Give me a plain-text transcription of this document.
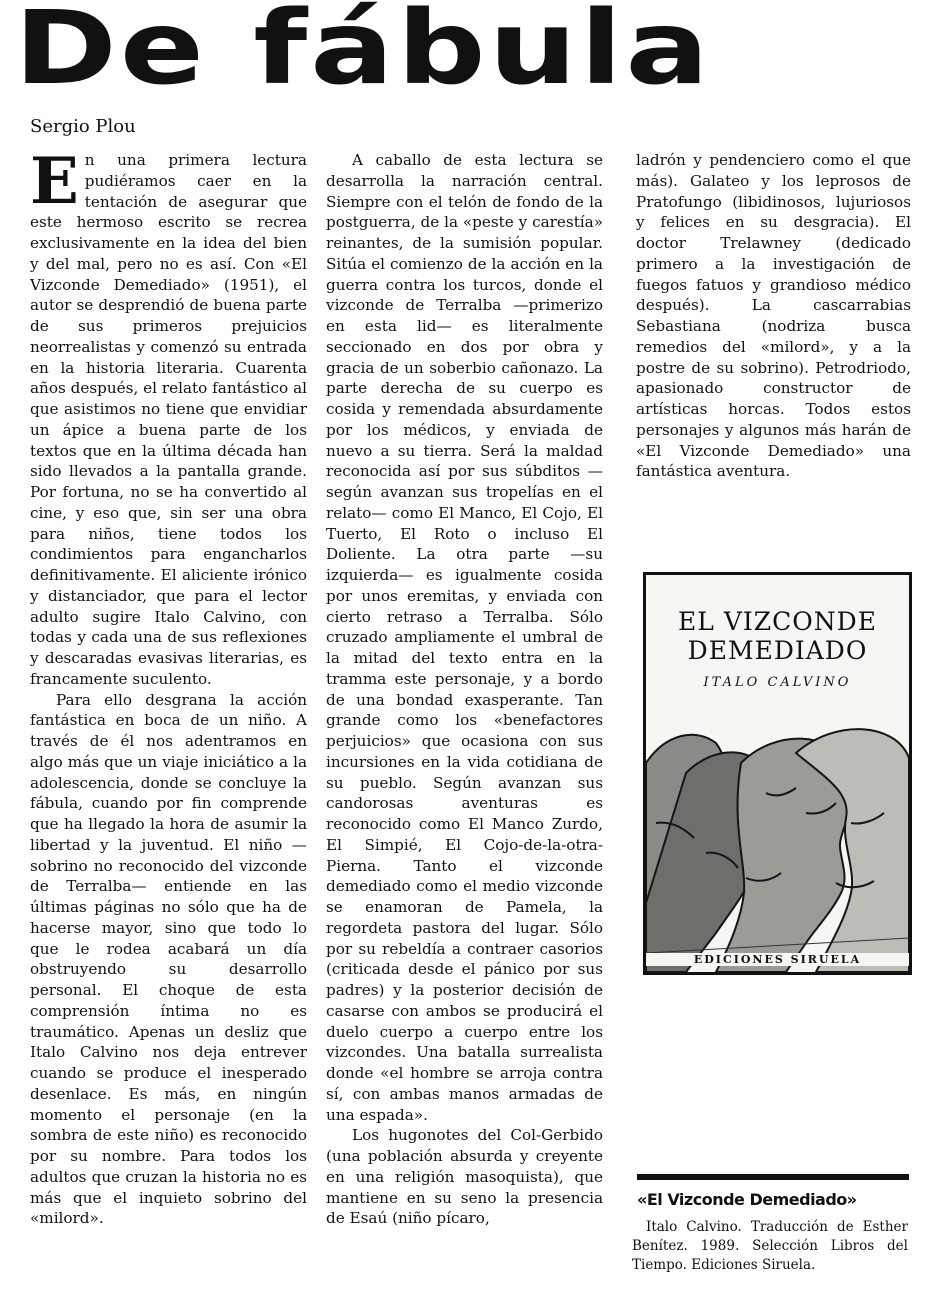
De fábula

Sergio Plou

En una primera lectura pudiéramos caer en la tentación de asegurar que este hermoso escrito se recrea exclusivamente en la idea del bien y del mal, pero no es así. Con «El Vizconde Demediado» (1951), el autor se desprendió de buena parte de sus primeros prejuicios neorrealistas y comenzó su entrada en la historia literaria. Cuarenta años después, el relato fantástico al que asistimos no tiene que envidiar un ápice a buena parte de los textos que en la última década han sido llevados a la pantalla grande. Por fortuna, no se ha convertido al cine, y eso que, sin ser una obra para niños, tiene todos los condimientos para engancharlos definitivamente. El aliciente irónico y distanciador, que para el lector adulto sugire Italo Calvino, con todas y cada una de sus reflexiones y descaradas evasivas literarias, es francamente suculento.

Para ello desgrana la acción fantástica en boca de un niño. A través de él nos adentramos en algo más que un viaje iniciático a la adolescencia, donde se concluye la fábula, cuando por fin comprende que ha llegado la hora de asumir la libertad y la juventud. El niño —sobrino no reconocido del vizconde de Terralba— entiende en las últimas páginas no sólo que ha de hacerse mayor, sino que todo lo que le rodea acabará un día obstruyendo su desarrollo personal. El choque de esta comprensión íntima no es traumático. Apenas un desliz que Italo Calvino nos deja entrever cuando se produce el inesperado desenlace. Es más, en ningún momento el personaje (en la sombra de este niño) es reconocido por su nombre. Para todos los adultos que cruzan la historia no es más que el inquieto sobrino del «milord».

A caballo de esta lectura se desarrolla la narración central. Siempre con el telón de fondo de la postguerra, de la «peste y carestía» reinantes, de la sumisión popular. Sitúa el comienzo de la acción en la guerra contra los turcos, donde el vizconde de Terralba —primerizo en esta lid— es literalmente seccionado en dos por obra y gracia de un soberbio cañonazo. La parte derecha de su cuerpo es cosida y remendada absurdamente por los médicos, y enviada de nuevo a su tierra. Será la maldad reconocida así por sus súbditos —según avanzan sus tropelías en el relato— como El Manco, El Cojo, El Tuerto, El Roto o incluso El Doliente. La otra parte —su izquierda— es igualmente cosida por unos eremitas, y enviada con cierto retraso a Terralba. Sólo cruzado ampliamente el umbral de la mitad del texto entra en la tramma este personaje, y a bordo de una bondad exasperante. Tan grande como los «benefactores perjuicios» que ocasiona con sus incursiones en la vida cotidiana de su pueblo. Según avanzan sus candorosas aventuras es reconocido como El Manco Zurdo, El Simpié, El Cojo-de-la-otra-Pierna. Tanto el vizconde demediado como el medio vizconde se enamoran de Pamela, la regordeta pastora del lugar. Sólo por su rebeldía a contraer casorios (criticada desde el pánico por sus padres) y la posterior decisión de casarse con ambos se producirá el duelo cuerpo a cuerpo entre los vizcondes. Una batalla surrealista donde «el hombre se arroja contra sí, con ambas manos armadas de una espada».

Los hugonotes del Col-Gerbido (una población absurda y creyente en una religión masoquista), que mantiene en su seno la presencia de Esaú (niño pícaro,

ladrón y pendenciero como el que más). Galateo y los leprosos de Pratofungo (libidinosos, lujuriosos y felices en su desgracia). El doctor Trelawney (dedicado primero a la investigación de fuegos fatuos y grandioso médico después). La cascarrabias Sebastiana (nodriza busca remedios del «milord», y a la postre de su sobrino). Petrodriodo, apasionado constructor de artísticas horcas. Todos estos personajes y algunos más harán de «El Vizconde Demediado» una fantástica aventura.

EL VIZCONDE
DEMEDIADO
ITALO CALVINO
EDICIONES SIRUELA

«El Vizconde Demediado»

Italo Calvino. Traducción de Esther Benítez. 1989. Selección Libros del Tiempo. Ediciones Siruela.
